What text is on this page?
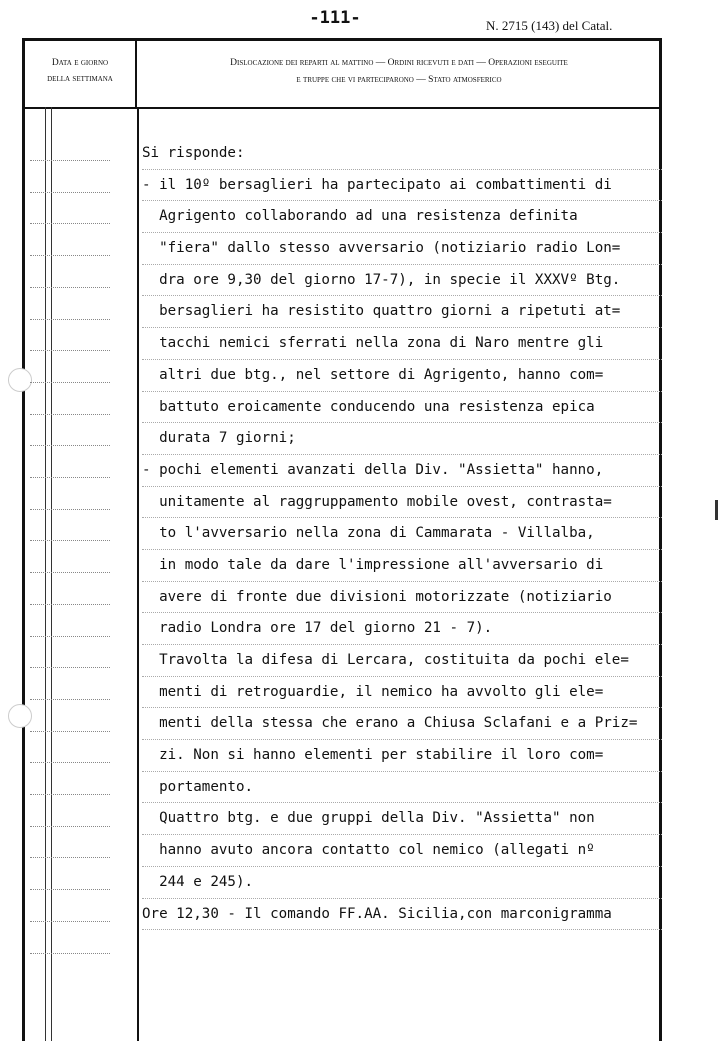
-111-	N. 2715 (143) del Catal.
Data e giorno
della settimana
Dislocazione dei reparti al mattino — Ordini ricevuti e dati — Operazioni eseguite
e truppe che vi parteciparono — Stato atmosferico
Si risponde:
- il 10º bersaglieri ha partecipato ai combattimenti di
Agrigento collaborando ad una resistenza definita
"fiera" dallo stesso avversario (notiziario radio Lon=
dra ore 9,30 del giorno 17-7), in specie il XXXVº Btg.
bersaglieri ha resistito quattro giorni a ripetuti at=
tacchi nemici sferrati nella zona di Naro mentre gli
altri due btg., nel settore di Agrigento, hanno com=
battuto eroicamente conducendo una resistenza epica
durata 7 giorni;
- pochi elementi avanzati della Div. "Assietta" hanno,
unitamente al raggruppamento mobile ovest, contrasta=
to l'avversario nella zona di Cammarata - Villalba,
in modo tale da dare l'impressione all'avversario di
avere di fronte due divisioni motorizzate (notiziario
radio Londra ore 17 del giorno 21 - 7).
Travolta la difesa di Lercara, costituita da pochi ele=
menti di retroguardie, il nemico ha avvolto gli ele=
menti della stessa che erano a Chiusa Sclafani e a Priz=
zi. Non si hanno elementi per stabilire il loro com=
portamento.
Quattro btg. e due gruppi della Div. "Assietta" non
hanno avuto ancora contatto col nemico (allegati nº
244 e 245).
Ore 12,30 - Il comando FF.AA. Sicilia,con marconigramma
